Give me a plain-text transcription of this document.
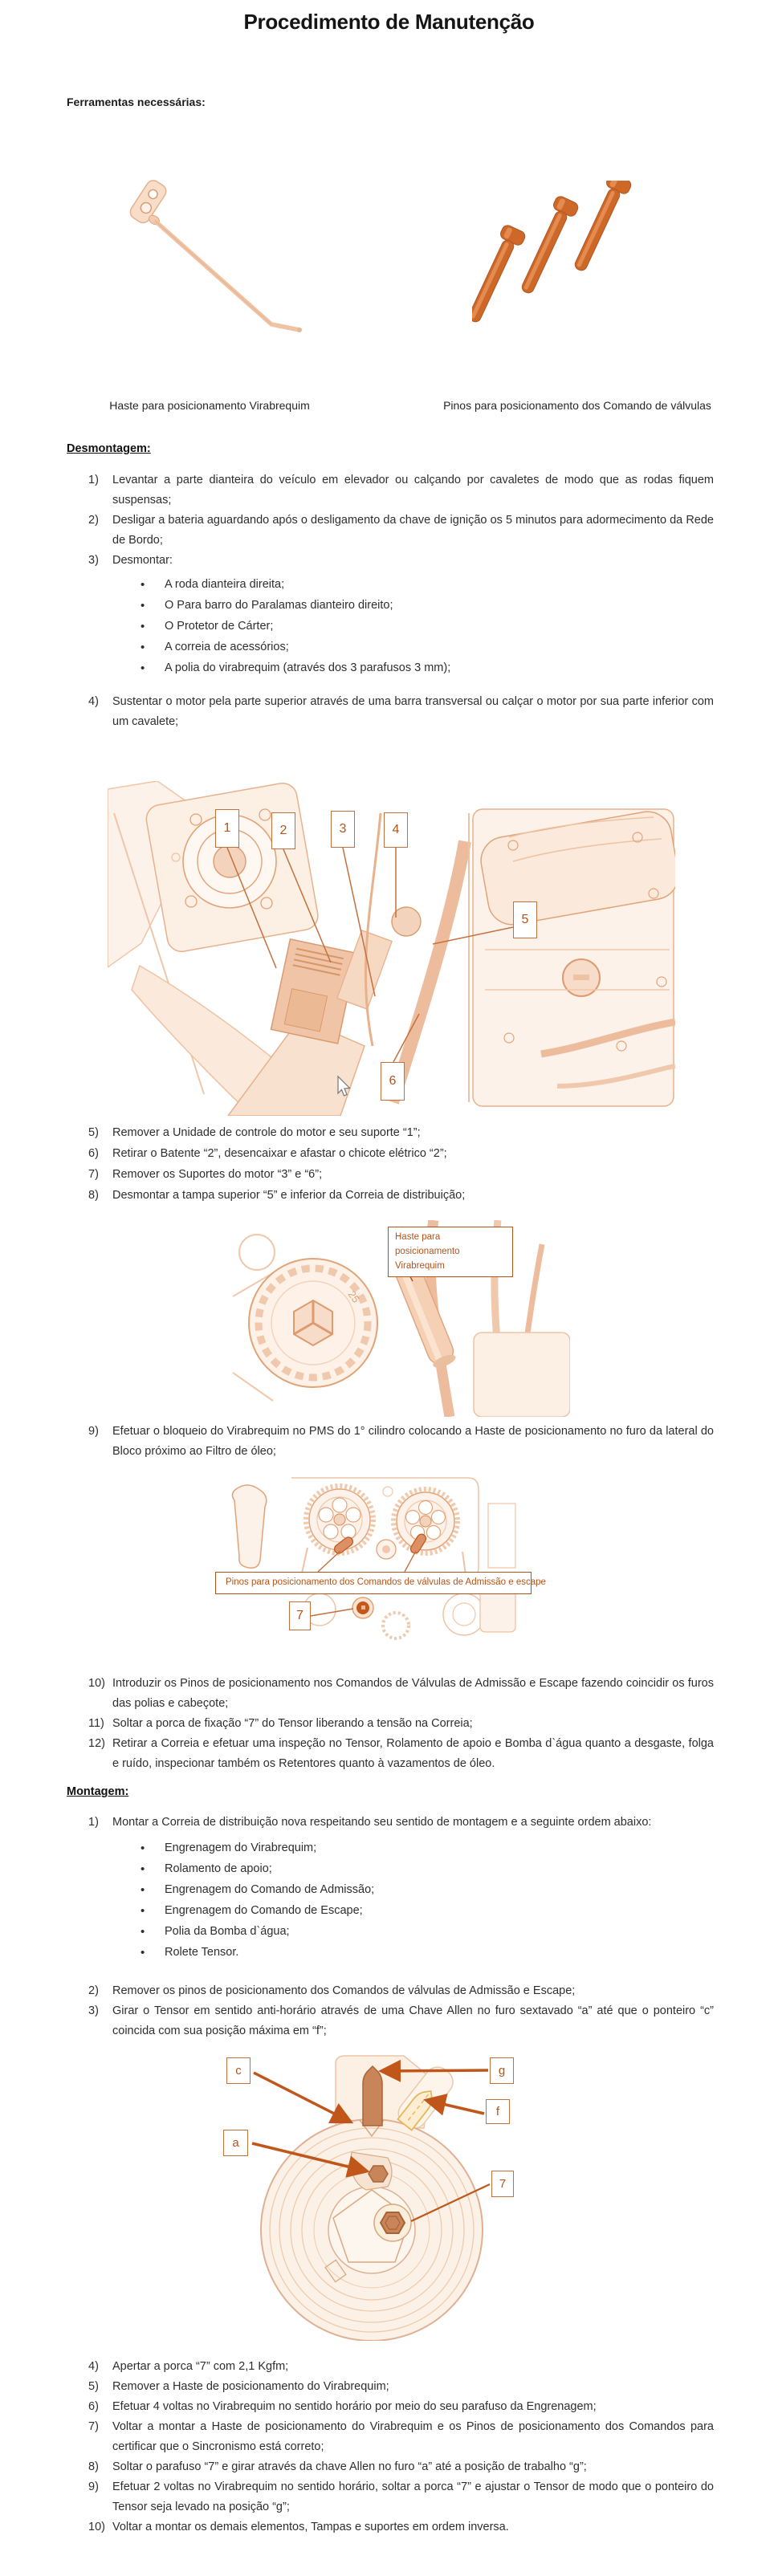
Procedimento de Manutenção
Ferramentas necessárias:
Haste para posicionamento Virabrequim	Pinos para posicionamento dos Comando de válvulas
Desmontagem:
1)	Levantar a parte dianteira do veículo em elevador ou calçando por cavaletes de modo que as rodas fiquem suspensas;
2)	Desligar a bateria aguardando após o desligamento da chave de ignição os 5 minutos para adormecimento da Rede de Bordo;
3)	Desmontar:
•
A roda dianteira direita;
•
O Para barro do Paralamas dianteiro direito;
•
O Protetor de Cárter;
•
A correia de acessórios;
•
A polia do virabrequim (através dos 3 parafusos 3 mm);
4)	Sustentar o motor pela parte superior através de uma barra transversal ou calçar o motor por sua parte inferior com um cavalete;
1	2	3	4
5
6
5)	Remover a Unidade de controle do motor e seu suporte “1”;
6)	Retirar o Batente “2”, desencaixar e afastar o chicote elétrico “2”;
7)	Remover os Suportes do motor “3” e “6”;
8)	Desmontar a tampa superior “5” e inferior da Correia de distribuição;
25
Haste para posicionamento Virabrequim
9)	Efetuar o bloqueio do Virabrequim no PMS do 1° cilindro colocando a Haste de posicionamento no furo da lateral do Bloco próximo ao Filtro de óleo;
Pinos para posicionamento dos Comandos de válvulas de Admissão e escape
7
10) Introduzir os Pinos de posicionamento nos Comandos de Válvulas de Admissão e Escape fazendo coincidir os furos das polias e cabeçote;
11) Soltar a porca de fixação “7” do Tensor liberando a tensão na Correia;
12) Retirar a Correia e efetuar uma inspeção no Tensor, Rolamento de apoio e Bomba d`água quanto a desgaste, folga e ruído, inspecionar também os Retentores quanto à vazamentos de óleo.
Montagem:
1)	Montar a Correia de distribuição nova respeitando seu sentido de montagem e a seguinte ordem abaixo:
•
Engrenagem do Virabrequim;
•
Rolamento de apoio;
•
Engrenagem do Comando de Admissão;
•
Engrenagem do Comando de Escape;
•
Polia da Bomba d`água;
•
Rolete Tensor.
2)	Remover os pinos de posicionamento dos Comandos de válvulas de Admissão e Escape;
3)	Girar o Tensor em sentido anti-horário através de uma Chave Allen no furo sextavado “a” até que o ponteiro “c” coincida com sua posição máxima em “f”;
c	g
f
a
7
4)	Apertar a porca “7” com 2,1 Kgfm;
5)	Remover a Haste de posicionamento do Virabrequim;
6)	Efetuar 4 voltas no Virabrequim no sentido horário por meio do seu parafuso da Engrenagem;
7)	Voltar a montar a Haste de posicionamento do Virabrequim e os Pinos de posicionamento dos Comandos para certificar que o Sincronismo está correto;
8)	Soltar o parafuso “7” e girar através da chave Allen no furo “a” até a posição de trabalho “g”;
9)	Efetuar 2 voltas no Virabrequim no sentido horário, soltar a porca “7” e ajustar o Tensor de modo que o ponteiro do Tensor seja levado na posição “g”;
10) Voltar a montar os demais elementos, Tampas e suportes em ordem inversa.
